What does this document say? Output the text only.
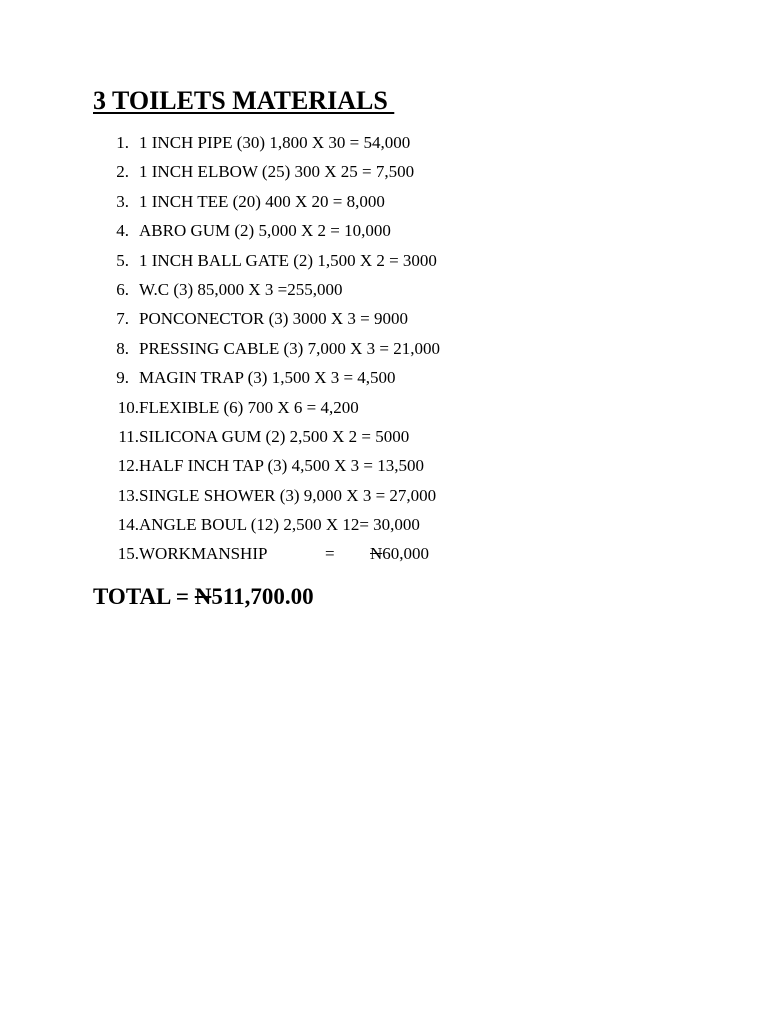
3 TOILETS MATERIALS
1. 1 INCH PIPE (30) 1,800 X 30 = 54,000
2. 1 INCH ELBOW (25) 300 X 25 = 7,500
3. 1 INCH TEE (20) 400 X 20 = 8,000
4. ABRO GUM (2) 5,000 X 2 = 10,000
5. 1 INCH BALL GATE (2) 1,500 X 2 = 3000
6. W.C (3) 85,000 X 3 =255,000
7. PONCONECTOR (3) 3000 X 3 = 9000
8. PRESSING CABLE (3) 7,000 X 3 = 21,000
9. MAGIN TRAP (3) 1,500 X 3 = 4,500
10. FLEXIBLE (6) 700 X 6 = 4,200
11. SILICONA GUM (2) 2,500 X 2 = 5000
12. HALF INCH TAP (3) 4,500 X 3 = 13,500
13. SINGLE SHOWER (3) 9,000 X 3 = 27,000
14. ANGLE BOUL (12) 2,500 X 12= 30,000
15. WORKMANSHIP	= N60,000
TOTAL = N511,700.00
